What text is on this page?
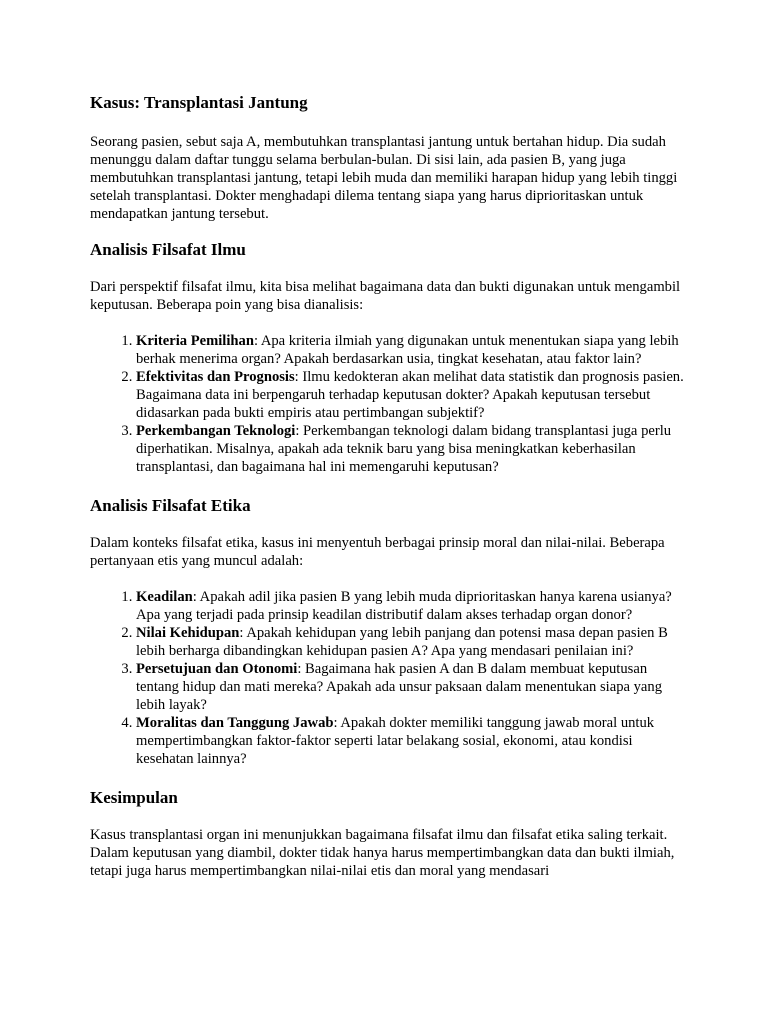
Kasus: Transplantasi Jantung

Seorang pasien, sebut saja A, membutuhkan transplantasi jantung untuk bertahan hidup. Dia sudah menunggu dalam daftar tunggu selama berbulan-bulan. Di sisi lain, ada pasien B, yang juga membutuhkan transplantasi jantung, tetapi lebih muda dan memiliki harapan hidup yang lebih tinggi setelah transplantasi. Dokter menghadapi dilema tentang siapa yang harus diprioritaskan untuk mendapatkan jantung tersebut.

Analisis Filsafat Ilmu

Dari perspektif filsafat ilmu, kita bisa melihat bagaimana data dan bukti digunakan untuk mengambil keputusan. Beberapa poin yang bisa dianalisis:

1. Kriteria Pemilihan: Apa kriteria ilmiah yang digunakan untuk menentukan siapa yang lebih berhak menerima organ? Apakah berdasarkan usia, tingkat kesehatan, atau faktor lain?
2. Efektivitas dan Prognosis: Ilmu kedokteran akan melihat data statistik dan prognosis pasien. Bagaimana data ini berpengaruh terhadap keputusan dokter? Apakah keputusan tersebut didasarkan pada bukti empiris atau pertimbangan subjektif?
3. Perkembangan Teknologi: Perkembangan teknologi dalam bidang transplantasi juga perlu diperhatikan. Misalnya, apakah ada teknik baru yang bisa meningkatkan keberhasilan transplantasi, dan bagaimana hal ini memengaruhi keputusan?
Analisis Filsafat Etika

Dalam konteks filsafat etika, kasus ini menyentuh berbagai prinsip moral dan nilai-nilai. Beberapa pertanyaan etis yang muncul adalah:

1. Keadilan: Apakah adil jika pasien B yang lebih muda diprioritaskan hanya karena usianya? Apa yang terjadi pada prinsip keadilan distributif dalam akses terhadap organ donor?
2. Nilai Kehidupan: Apakah kehidupan yang lebih panjang dan potensi masa depan pasien B lebih berharga dibandingkan kehidupan pasien A? Apa yang mendasari penilaian ini?
3. Persetujuan dan Otonomi: Bagaimana hak pasien A dan B dalam membuat keputusan tentang hidup dan mati mereka? Apakah ada unsur paksaan dalam menentukan siapa yang lebih layak?
4. Moralitas dan Tanggung Jawab: Apakah dokter memiliki tanggung jawab moral untuk mempertimbangkan faktor-faktor seperti latar belakang sosial, ekonomi, atau kondisi kesehatan lainnya?
Kesimpulan

Kasus transplantasi organ ini menunjukkan bagaimana filsafat ilmu dan filsafat etika saling terkait. Dalam keputusan yang diambil, dokter tidak hanya harus mempertimbangkan data dan bukti ilmiah, tetapi juga harus mempertimbangkan nilai-nilai etis dan moral yang mendasari
